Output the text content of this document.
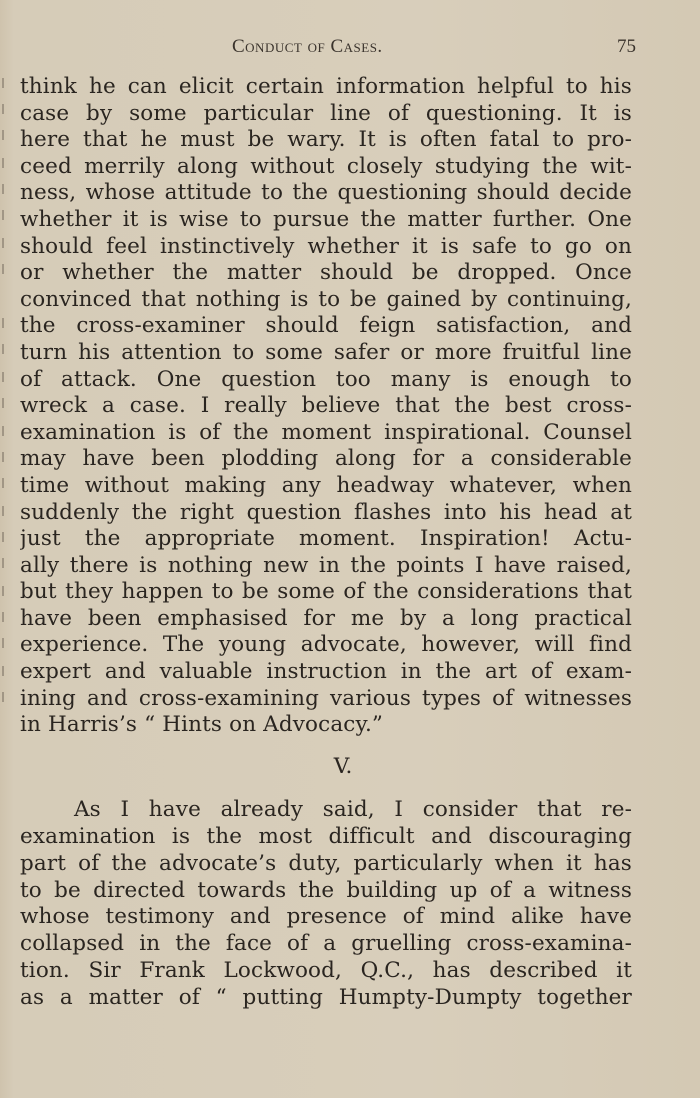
Conduct of Cases.	75
think he can elicit certain information helpful to his
case by some particular line of questioning. It is
here that he must be wary. It is often fatal to pro-
ceed merrily along without closely studying the wit-
ness, whose attitude to the questioning should decide
whether it is wise to pursue the matter further. One
should feel instinctively whether it is safe to go on
or whether the matter should be dropped. Once
convinced that nothing is to be gained by continuing,
the cross-examiner should feign satisfaction, and
turn his attention to some safer or more fruitful line
of attack. One question too many is enough to
wreck a case. I really believe that the best cross-
examination is of the moment inspirational. Counsel
may have been plodding along for a considerable
time without making any headway whatever, when
suddenly the right question flashes into his head at
just the appropriate moment. Inspiration! Actu-
ally there is nothing new in the points I have raised,
but they happen to be some of the considerations that
have been emphasised for me by a long practical
experience. The young advocate, however, will find
expert and valuable instruction in the art of exam-
ining and cross-examining various types of witnesses
in Harris’s “ Hints on Advocacy.”
V.
As I have already said, I consider that re-
examination is the most difficult and discouraging
part of the advocate’s duty, particularly when it has
to be directed towards the building up of a witness
whose testimony and presence of mind alike have
collapsed in the face of a gruelling cross-examina-
tion. Sir Frank Lockwood, Q.C., has described it
as a matter of “ putting Humpty-Dumpty together
